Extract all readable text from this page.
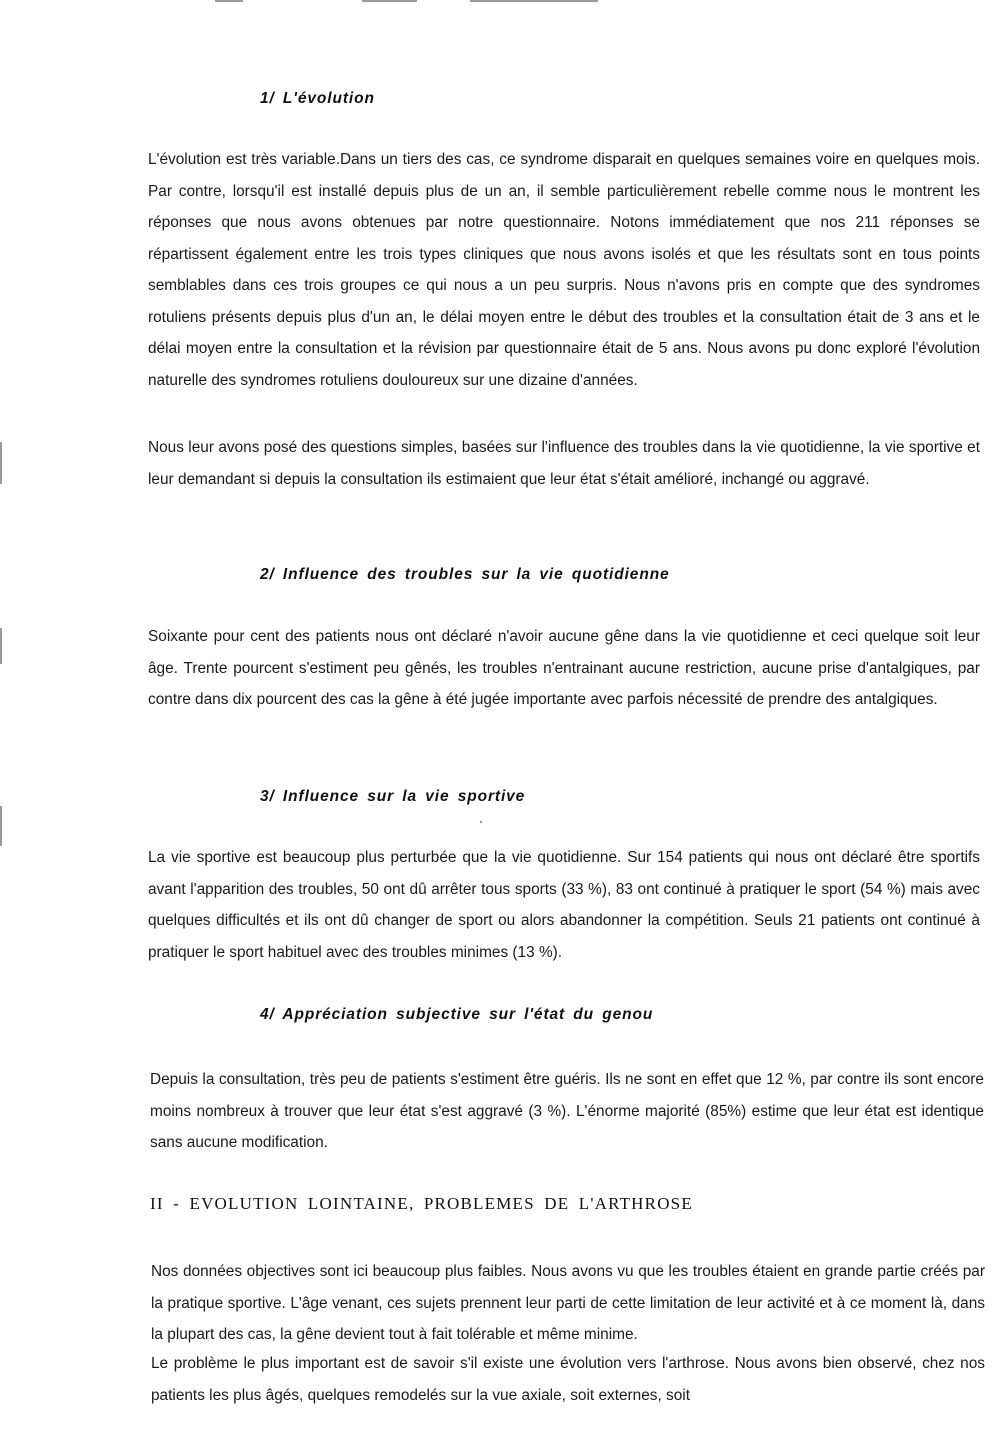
1/ L'évolution

L'évolution est très variable.Dans un tiers des cas, ce syndrome disparait en quelques semaines voire en quelques mois. Par contre, lorsqu'il est installé depuis plus de un an, il semble particulièrement rebelle comme nous le montrent les réponses que nous avons obtenues par notre questionnaire. Notons immédiatement que nos 211 réponses se répartissent également entre les trois types cliniques que nous avons isolés et que les résultats sont en tous points semblables dans ces trois groupes ce qui nous a un peu surpris. Nous n'avons pris en compte que des syndromes rotuliens présents depuis plus d'un an, le délai moyen entre le début des troubles et la consultation était de 3 ans et le délai moyen entre la consultation et la révision par questionnaire était de 5 ans. Nous avons pu donc exploré l'évolution naturelle des syndromes rotuliens douloureux sur une dizaine d'années.

Nous leur avons posé des questions simples, basées sur l'influence des troubles dans la vie quotidienne, la vie sportive et leur demandant si depuis la consultation ils estimaient que leur état s'était amélioré, inchangé ou aggravé.

2/ Influence des troubles sur la vie quotidienne

Soixante pour cent des patients nous ont déclaré n'avoir aucune gêne dans la vie quotidienne et ceci quelque soit leur âge. Trente pourcent s'estiment peu gênés, les troubles n'entrainant aucune restriction, aucune prise d'antalgiques, par contre dans dix pourcent des cas la gêne à été jugée importante avec parfois nécessité de prendre des antalgiques.

3/ Influence sur la vie sportive

La vie sportive est beaucoup plus perturbée que la vie quotidienne. Sur 154 patients qui nous ont déclaré être sportifs avant l'apparition des troubles, 50 ont dû arrêter tous sports (33 %), 83 ont continué à pratiquer le sport (54 %) mais avec quelques difficultés et ils ont dû changer de sport ou alors abandonner la compétition. Seuls 21 patients ont continué à pratiquer le sport habituel avec des troubles minimes (13 %).

4/ Appréciation subjective sur l'état du genou

Depuis la consultation, très peu de patients s'estiment être guéris. Ils ne sont en effet que 12 %, par contre ils sont encore moins nombreux à trouver que leur état s'est aggravé (3 %). L'énorme majorité (85%) estime que leur état est identique sans aucune modification.

II - EVOLUTION LOINTAINE, PROBLEMES DE L'ARTHROSE

Nos données objectives sont ici beaucoup plus faibles. Nous avons vu que les troubles étaient en grande partie créés par la pratique sportive. L'âge venant, ces sujets prennent leur parti de cette limitation de leur activité et à ce moment là, dans la plupart des cas, la gêne devient tout à fait tolérable et même minime.

Le problème le plus important est de savoir s'il existe une évolution vers l'arthrose. Nous avons bien observé, chez nos patients les plus âgés, quelques remodelés sur la vue axiale, soit externes, soit
